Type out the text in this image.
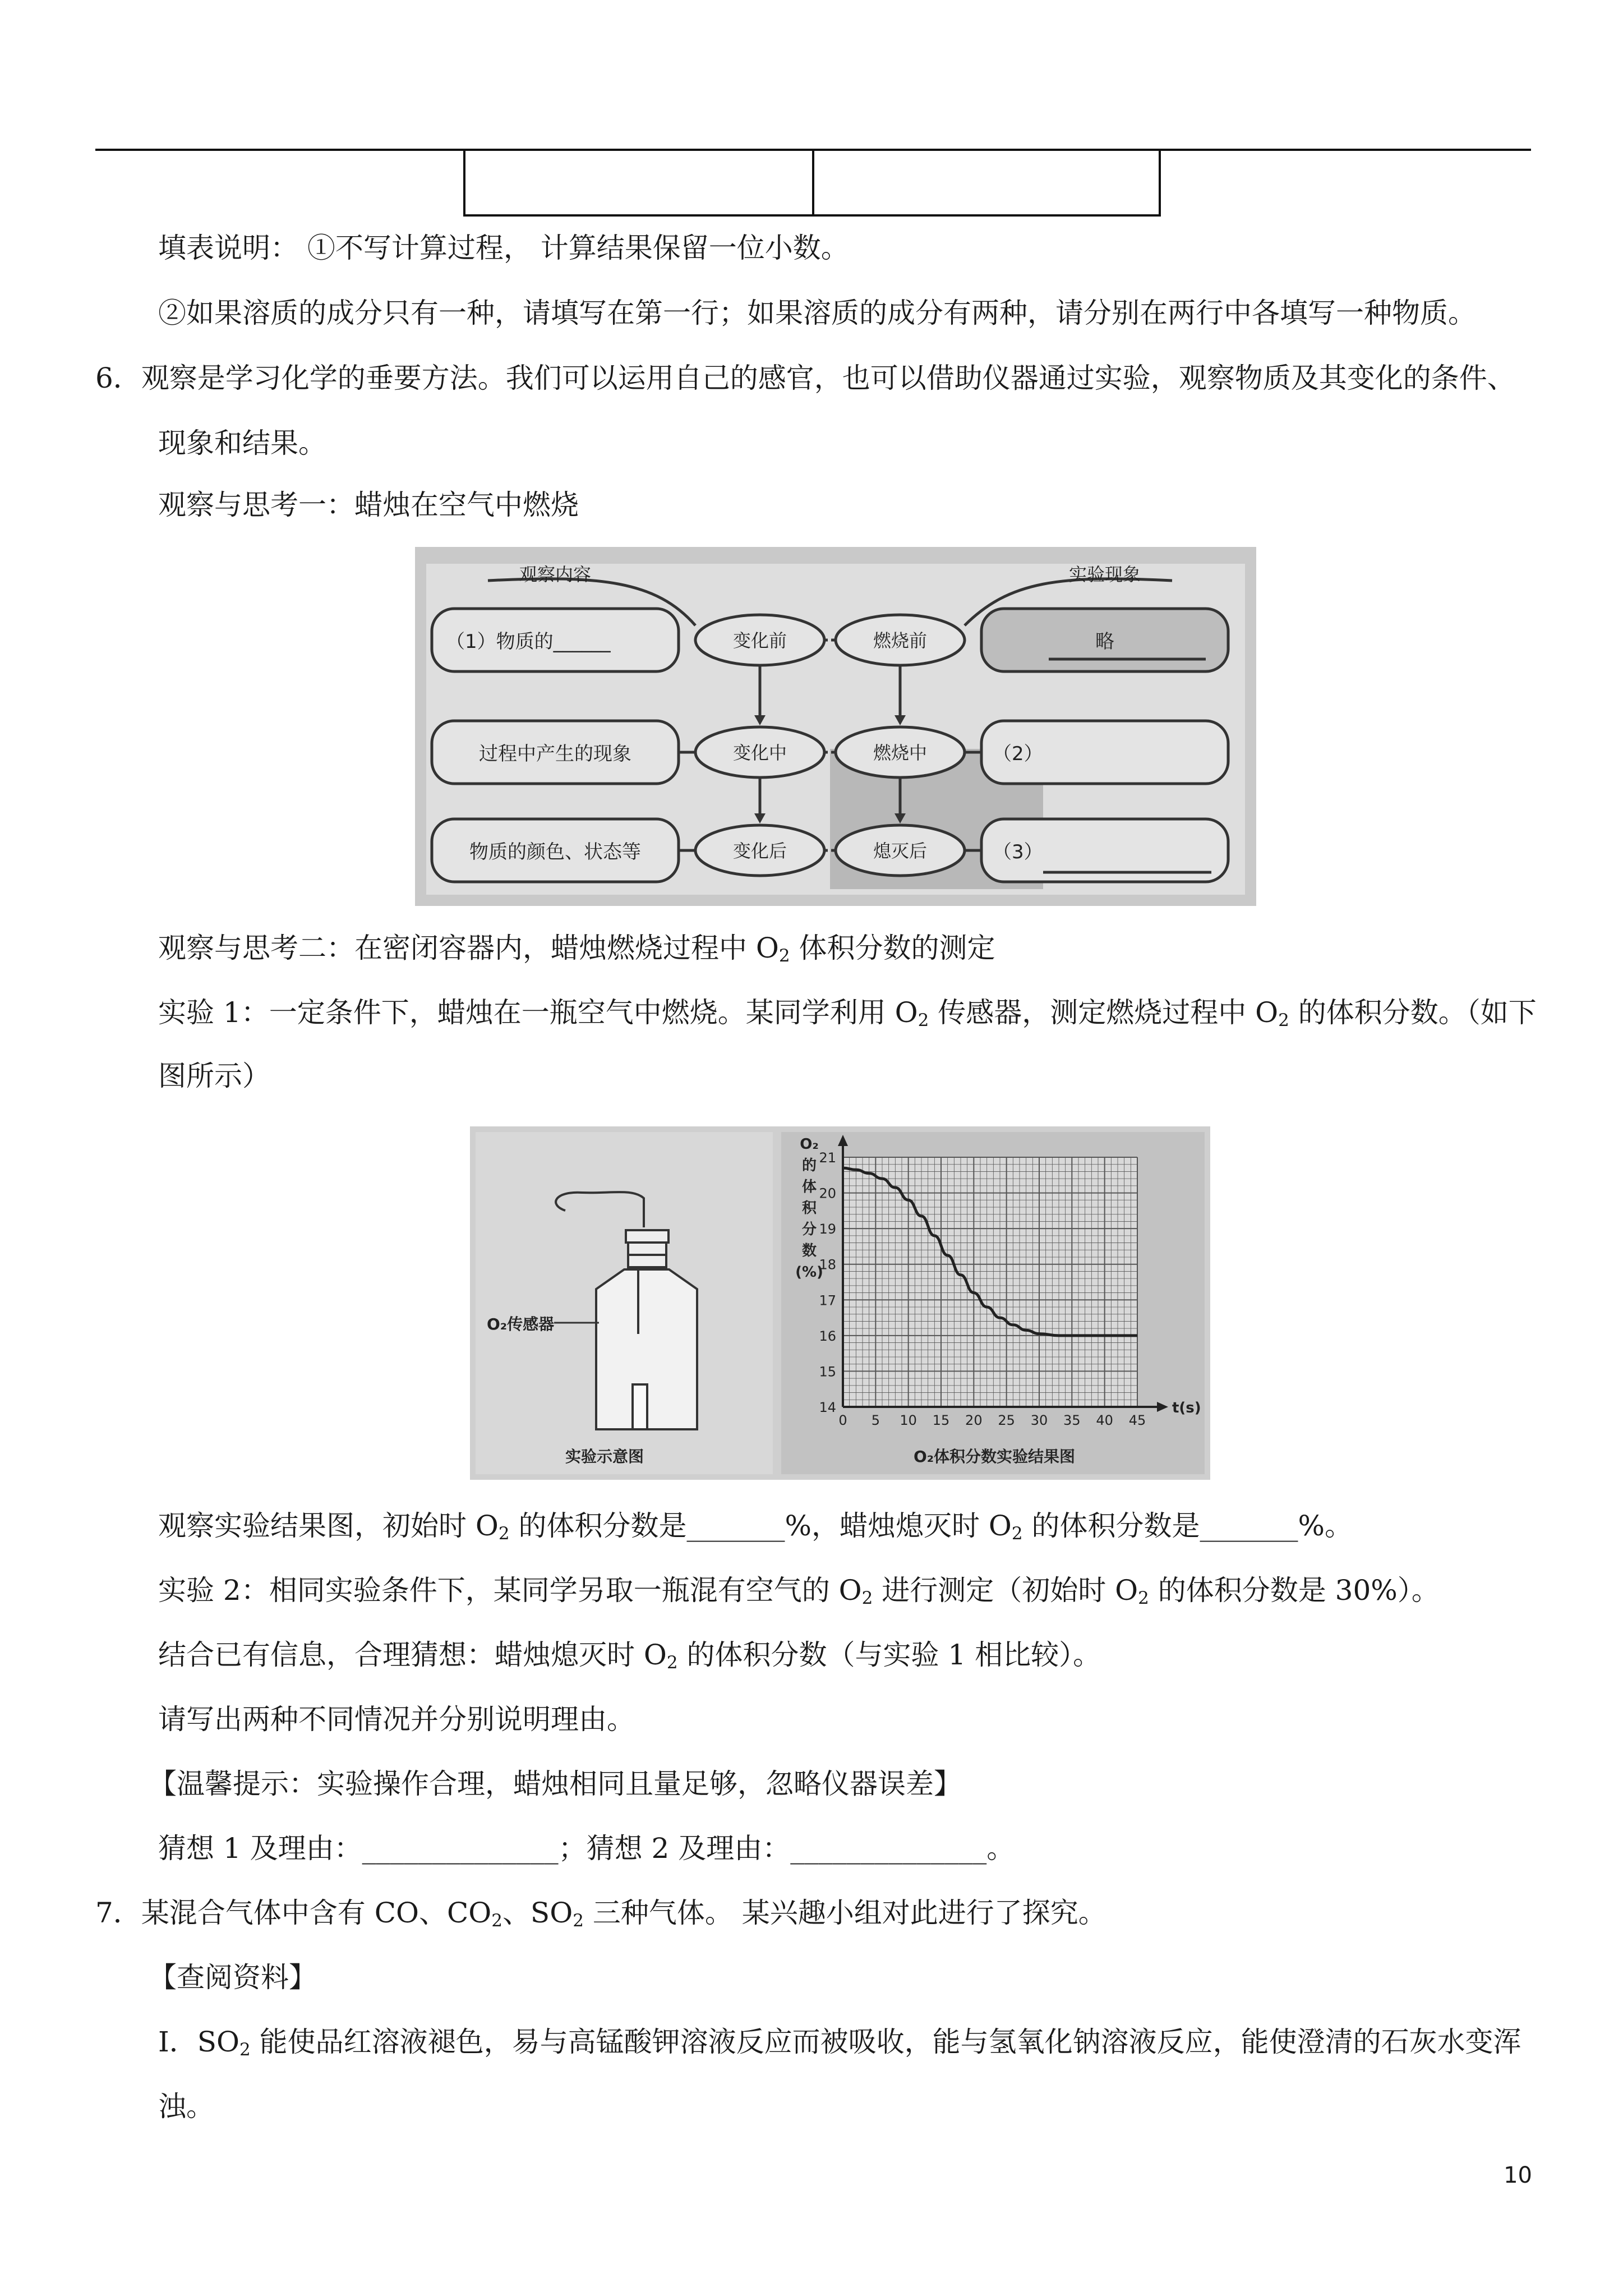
填表说明： ①不写计算过程， 计算结果保留一位小数。
②如果溶质的成分只有一种，请填写在第一行；如果溶质的成分有两种，请分别在两行中各填写一种物质。
6．观察是学习化学的垂要方法。我们可以运用自己的感官，也可以借助仪器通过实验，观察物质及其变化的条件、
现象和结果。
观察与思考一：蜡烛在空气中燃烧
观察内容	实验现象
（1）物质的______
过程中产生的现象
物质的颜色、状态等
变化前
变化中
变化后
燃烧前
燃烧中
熄灭后
略
（2）
（3）
观察与思考二：在密闭容器内，蜡烛燃烧过程中 $O_2$ 体积分数的测定
实验 1：一定条件下，蜡烛在一瓶空气中燃烧。某同学利用 $O_2$ 传感器，测定燃烧过程中 $O_2$ 的体积分数。（如下
图所示）
O₂传感器
实验示意图
O₂
的
体
积
分
数
(%)
0 5 10 15 20 25 30 35 40 45
14
15
16
17
18
19
20
21
t(s)
O₂体积分数实验结果图
观察实验结果图，初始时 $O_2$ 的体积分数是_______%，蜡烛熄灭时 $O_2$ 的体积分数是_______%。
实验 2：相同实验条件下，某同学另取一瓶混有空气的 $O_2$ 进行测定（初始时 $O_2$ 的体积分数是 30%）。
结合已有信息，合理猜想：蜡烛熄灭时 $O_2$ 的体积分数（与实验 1 相比较）。
请写出两种不同情况并分别说明理由。
【温馨提示：实验操作合理，蜡烛相同且量足够，忽略仪器误差】
猜想 1 及理由：______________；猜想 2 及理由：______________。
7．某混合气体中含有 CO、$CO_2$、$SO_2$ 三种气体。 某兴趣小组对此进行了探究。
【查阅资料】
I．$SO_2$ 能使品红溶液褪色，易与高锰酸钾溶液反应而被吸收，能与氢氧化钠溶液反应，能使澄清的石灰水变浑
浊。
10
